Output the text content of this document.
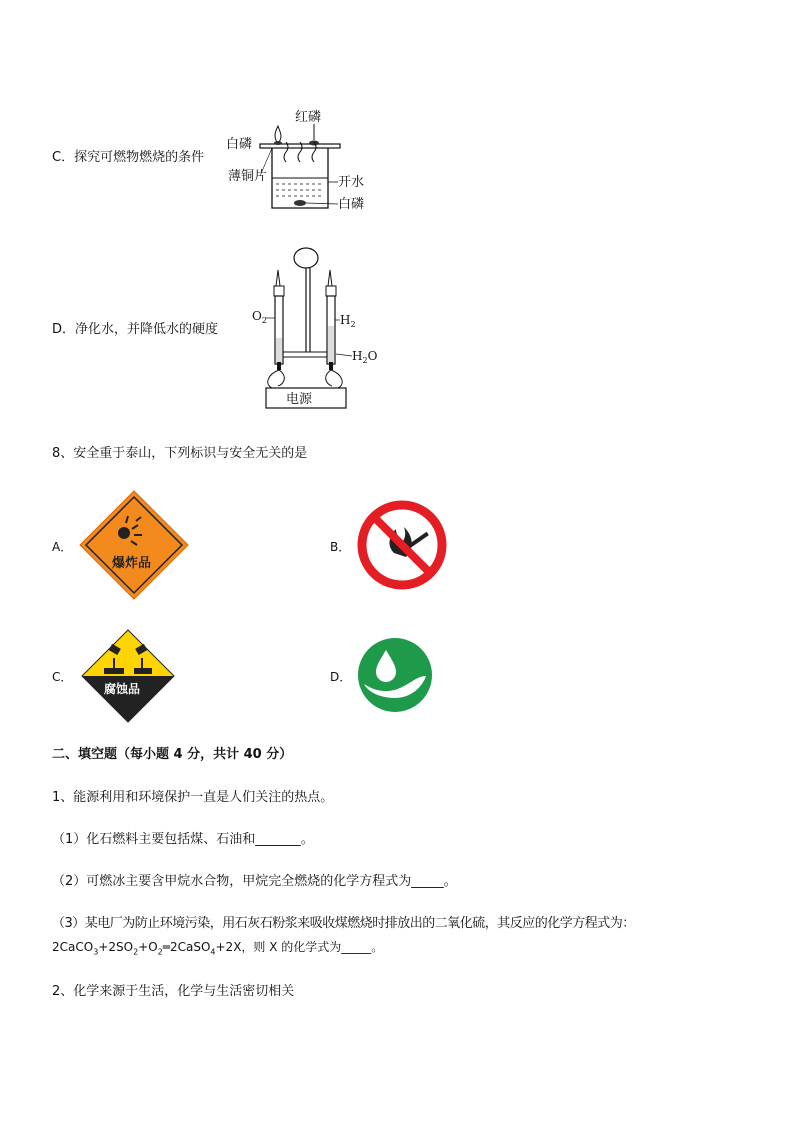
C．探究可燃物燃烧的条件
红磷
白磷
薄铜片	开水
白磷
D．净化水，并降低水的硬度
电源
$O_2$	$H_2$
$H_2O$
8、安全重于泰山，下列标识与安全无关的是
A．
爆炸品
B．
C．
腐蚀品
D．
二、填空题（每小题 4 分，共计 40 分）
1、能源利用和环境保护一直是人们关注的热点。
（1）化石燃料主要包括煤、石油和_______。
（2）可燃冰主要含甲烷水合物，甲烷完全燃烧的化学方程式为_____。
（3）某电厂为防止环境污染，用石灰石粉浆来吸收煤燃烧时排放出的二氧化硫，其反应的化学方程式为：
$2CaCO_3+2SO_2+O_2═2CaSO_4+2X$，则 X 的化学式为_____。
2、化学来源于生活，化学与生活密切相关
